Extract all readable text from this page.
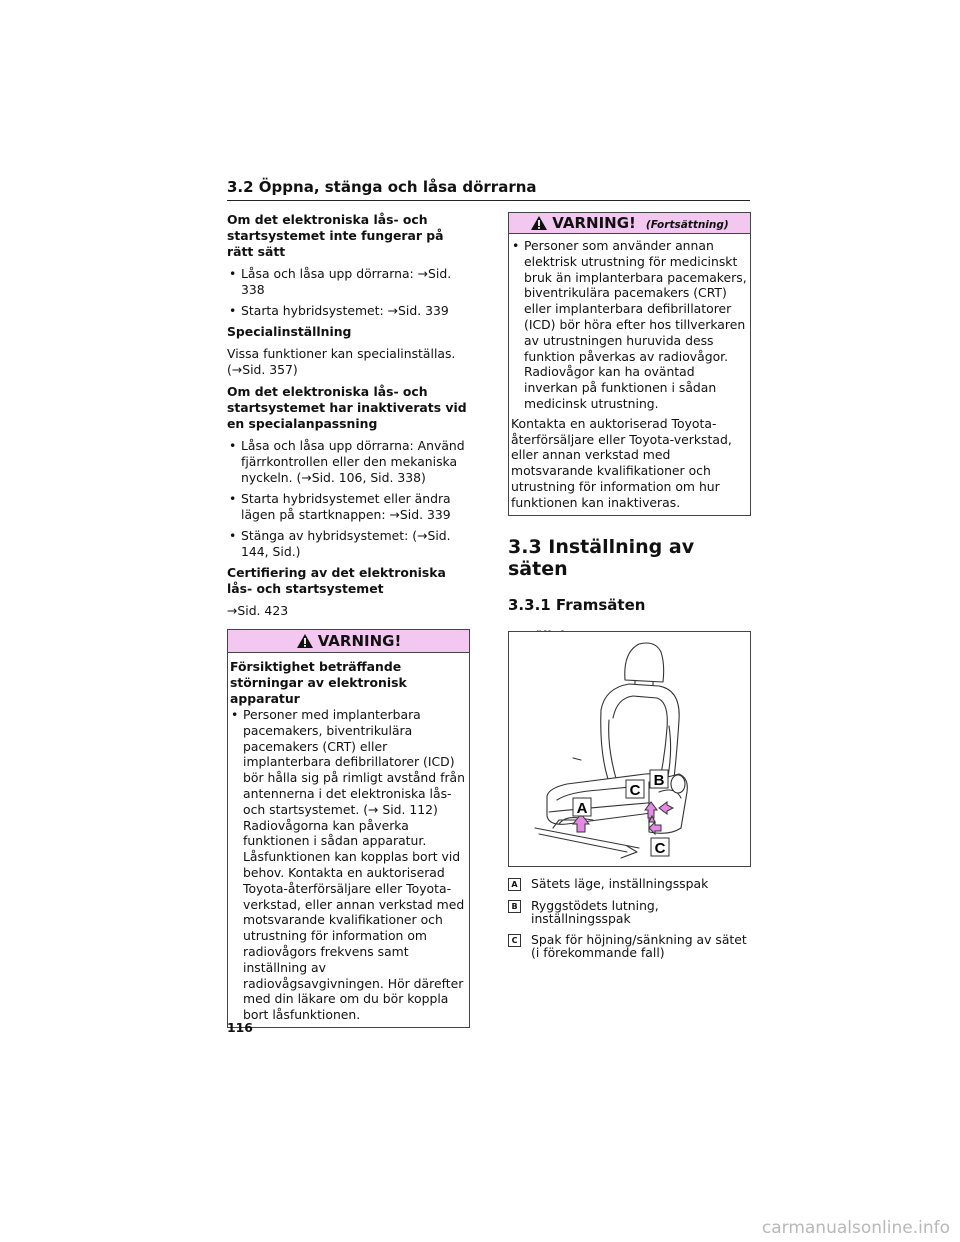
3.2 Öppna, stänga och låsa dörrarna
Om det elektroniska lås- och startsystemet inte fungerar på rätt sätt
• Låsa och låsa upp dörrarna: →Sid. 338
• Starta hybridsystemet: →Sid. 339
Specialinställning
Vissa funktioner kan specialinställas. (→Sid. 357)
Om det elektroniska lås- och startsystemet har inaktiverats vid en specialanpassning
• Låsa och låsa upp dörrarna: Använd fjärrkontrollen eller den mekaniska nyckeln. (→Sid. 106, Sid. 338)
• Starta hybridsystemet eller ändra lägen på startknappen: →Sid. 339
• Stänga av hybridsystemet: (→Sid. 144, Sid.)
Certifiering av det elektroniska lås- och startsystemet
→Sid. 423
VARNING!
Försiktighet beträffande störningar av elektronisk apparatur
• Personer med implanterbara pacemakers, biventrikulära pacemakers (CRT) eller implanterbara defibrillatorer (ICD) bör hålla sig på rimligt avstånd från antennerna i det elektroniska lås- och startsystemet. (→ Sid. 112) Radiovågorna kan påverka funktionen i sådan apparatur. Låsfunktionen kan kopplas bort vid behov. Kontakta en auktoriserad Toyota-återförsäljare eller Toyota-verkstad, eller annan verkstad med motsvarande kvalifikationer och utrustning för information om radiovågors frekvens samt inställning av radiovågsavgivningen. Hör därefter med din läkare om du bör koppla bort låsfunktionen.
VARNING! (Fortsättning)
• Personer som använder annan elektrisk utrustning för medicinskt bruk än implanterbara pacemakers, biventrikulära pacemakers (CRT) eller implanterbara defibrillatorer (ICD) bör höra efter hos tillverkaren av utrustningen huruvida dess funktion påverkas av radiovågor. Radiovågor kan ha oväntad inverkan på funktionen i sådan medicinsk utrustning.
Kontakta en auktoriserad Toyota-återförsäljare eller Toyota-verkstad, eller annan verkstad med motsvarande kvalifikationer och utrustning för information om hur funktionen kan inaktiveras.
3.3 Inställning av säten
3.3.1 Framsäten
A
B
C
C
A Sätets läge, inställningsspak
B Ryggstödets lutning, inställningsspak
C Spak för höjning/sänkning av sätet (i förekommande fall)
116
carmanualsonline.info
